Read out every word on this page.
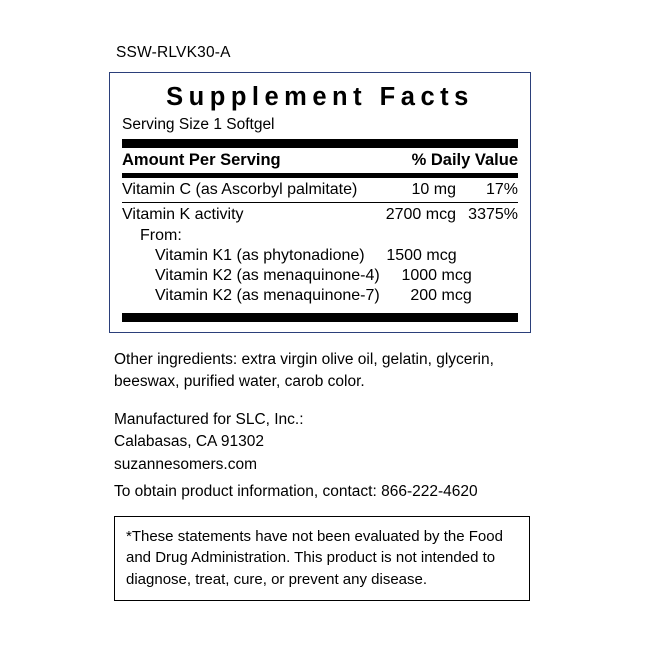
SSW-RLVK30-A
Supplement Facts
Serving Size 1 Softgel
Amount Per Serving	% Daily Value
Vitamin C (as Ascorbyl palmitate)	10 mg	17%
Vitamin K activity	2700 mcg 3375%
From:
Vitamin K1 (as phytonadione)	1500 mcg
Vitamin K2 (as menaquinone-4)	1000 mcg
Vitamin K2 (as menaquinone-7)	200 mcg
Other ingredients: extra virgin olive oil, gelatin, glycerin, beeswax, purified water, carob color.
Manufactured for SLC, Inc.:
Calabasas, CA 91302
suzannesomers.com
To obtain product information, contact: 866-222-4620
*These statements have not been evaluated by the Food and Drug Administration. This product is not intended to diagnose, treat, cure, or prevent any disease.
